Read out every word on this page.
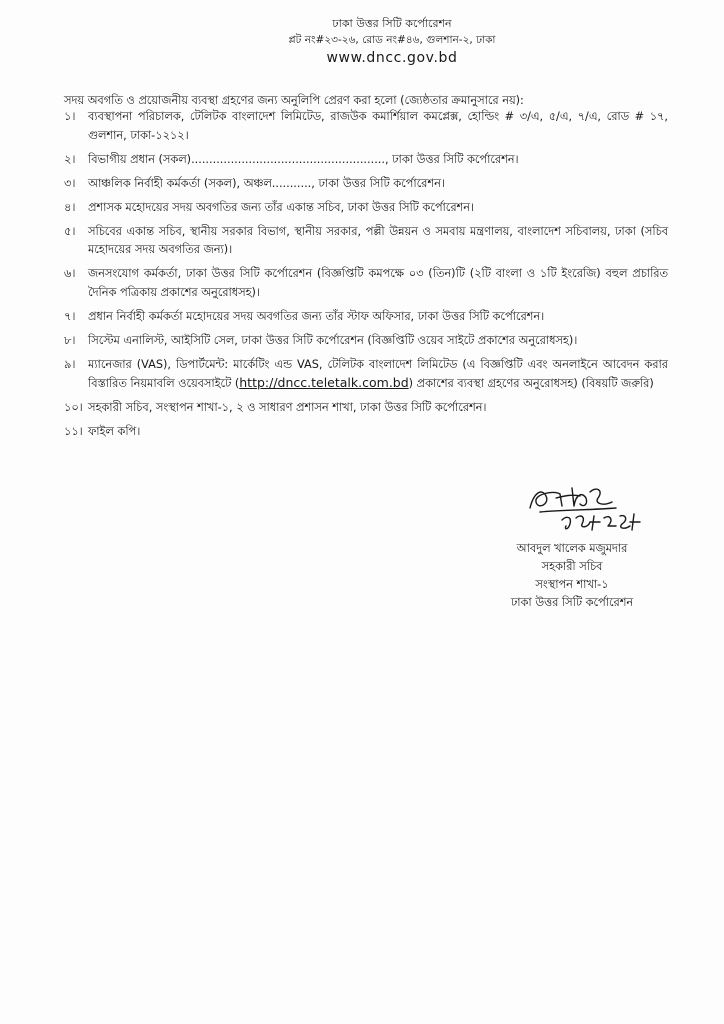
ঢাকা উত্তর সিটি কর্পোরেশন
প্লট নং#২৩-২৬, রোড নং#৪৬, গুলশান-২, ঢাকা
www.dncc.gov.bd
সদয় অবগতি ও প্রয়োজনীয় ব্যবস্থা গ্রহণের জন্য অনুলিপি প্রেরণ করা হলো (জ্যেষ্ঠতার ক্রমানুসারে নয়):
১। ব্যবস্থাপনা পরিচালক, টেলিটক বাংলাদেশ লিমিটেড, রাজউক কমার্শিয়াল কমপ্লেক্স, হোল্ডিং # ৩/এ, ৫/এ, ৭/এ, রোড # ১৭, গুলশান, ঢাকা-১২১২।
২। বিভাগীয় প্রধান (সকল)......................................................, ঢাকা উত্তর সিটি কর্পোরেশন।
৩। আঞ্চলিক নির্বাহী কর্মকর্তা (সকল), অঞ্চল..........., ঢাকা উত্তর সিটি কর্পোরেশন।
৪। প্রশাসক মহোদয়ের সদয় অবগতির জন্য তাঁর একান্ত সচিব, ঢাকা উত্তর সিটি কর্পোরেশন।
৫। সচিবের একান্ত সচিব, স্থানীয় সরকার বিভাগ, স্থানীয় সরকার, পল্লী উন্নয়ন ও সমবায় মন্ত্রণালয়, বাংলাদেশ সচিবালয়, ঢাকা (সচিব মহোদয়ের সদয় অবগতির জন্য)।
৬। জনসংযোগ কর্মকর্তা, ঢাকা উত্তর সিটি কর্পোরেশন (বিজ্ঞপ্তিটি কমপক্ষে ০৩ (তিন)টি (২টি বাংলা ও ১টি ইংরেজি) বহুল প্রচারিত দৈনিক পত্রিকায় প্রকাশের অনুরোধসহ)।
৭। প্রধান নির্বাহী কর্মকর্তা মহোদয়ের সদয় অবগতির জন্য তাঁর স্টাফ অফিসার, ঢাকা উত্তর সিটি কর্পোরেশন।
৮। সিস্টেম এনালিস্ট, আইসিটি সেল, ঢাকা উত্তর সিটি কর্পোরেশন (বিজ্ঞপ্তিটি ওয়েব সাইটে প্রকাশের অনুরোধসহ)।
৯। ম্যানেজার (VAS), ডিপার্টমেন্ট: মার্কেটিং এন্ড VAS, টেলিটক বাংলাদেশ লিমিটেড (এ বিজ্ঞপ্তিটি এবং অনলাইনে আবেদন করার বিস্তারিত নিয়মাবলি ওয়েবসাইটে (http://dncc.teletalk.com.bd) প্রকাশের ব্যবস্থা গ্রহণের অনুরোধসহ) (বিষয়টি জরুরি)
১০। সহকারী সচিব, সংস্থাপন শাখা-১, ২ ও সাধারণ প্রশাসন শাখা, ঢাকা উত্তর সিটি কর্পোরেশন।
১১। ফাইল কপি।
আবদুল খালেক মজুমদার
সহকারী সচিব
সংস্থাপন শাখা-১
ঢাকা উত্তর সিটি কর্পোরেশন
